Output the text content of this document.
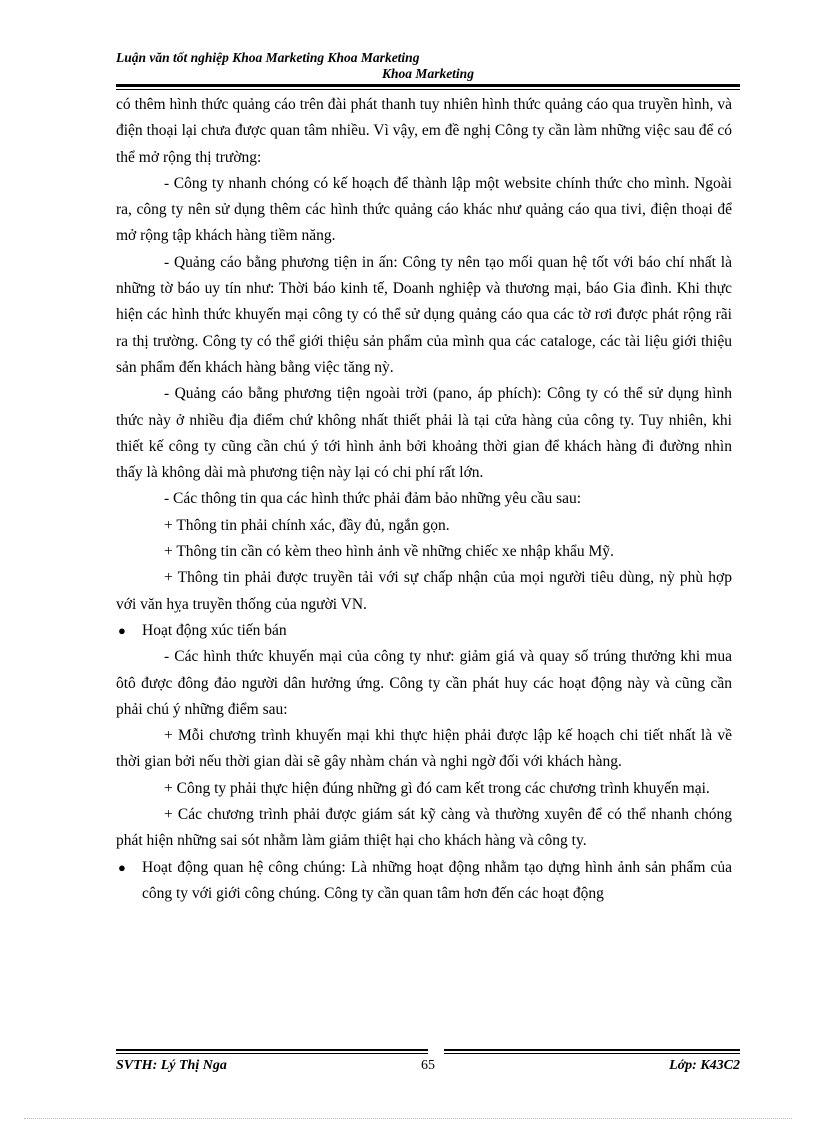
Luận văn tốt nghiệp Khoa Marketing Khoa Marketing
Khoa Marketing

có thêm hình thức quảng cáo trên đài phát thanh tuy nhiên hình thức quảng cáo qua truyền hình, và điện thoại lại chưa được quan tâm nhiều. Vì vậy, em đề nghị Công ty cần làm những việc sau để có thể mở rộng thị trường:

- Công ty nhanh chóng có kế hoạch để thành lập một website chính thức cho mình. Ngoài ra, công ty nên sử dụng thêm các hình thức quảng cáo khác như quảng cáo qua tivi, điện thoại để mở rộng tập khách hàng tiềm năng.

- Quảng cáo bằng phương tiện in ấn: Công ty nên tạo mối quan hệ tốt với báo chí nhất là những tờ báo uy tín như: Thời báo kinh tế, Doanh nghiệp và thương mại, báo Gia đình. Khi thực hiện các hình thức khuyến mại công ty có thể sử dụng quảng cáo qua các tờ rơi được phát rộng rãi ra thị trường. Công ty có thể giới thiệu sản phẩm của mình qua các cataloge, các tài liệu giới thiệu sản phẩm đến khách hàng bằng việc tăng nỳ.

- Quảng cáo bằng phương tiện ngoài trời (pano, áp phích): Công ty có thể sử dụng hình thức này ở nhiều địa điểm chứ không nhất thiết phải là tại cửa hàng của công ty. Tuy nhiên, khi thiết kế công ty cũng cần chú ý tới hình ảnh bởi khoảng thời gian để khách hàng đi đường nhìn thấy là không dài mà phương tiện này lại có chi phí rất lớn.

- Các thông tin qua các hình thức phải đảm bảo những yêu cầu sau:

+ Thông tin phải chính xác, đầy đủ, ngắn gọn.

+ Thông tin cần có kèm theo hình ảnh về những chiếc xe nhập khẩu Mỹ.

+ Thông tin phải được truyền tải với sự chấp nhận của mọi người tiêu dùng, nỳ phù hợp với văn hỵa truyền thống của người VN.

● Hoạt động xúc tiến bán

- Các hình thức khuyến mại của công ty như: giảm giá và quay số trúng thưởng khi mua ôtô được đông đảo người dân hưởng ứng. Công ty cần phát huy các hoạt động này và cũng cần phải chú ý những điểm sau:

+ Mỗi chương trình khuyến mại khi thực hiện phải được lập kế hoạch chi tiết nhất là về thời gian bởi nếu thời gian dài sẽ gây nhàm chán và nghi ngờ đối với khách hàng.

+ Công ty phải thực hiện đúng những gì đó cam kết trong các chương trình khuyến mại.

+ Các chương trình phải được giám sát kỹ càng và thường xuyên để có thể nhanh chóng phát hiện những sai sót nhằm làm giảm thiệt hại cho khách hàng và công ty.

● Hoạt động quan hệ công chúng: Là những hoạt động nhằm tạo dựng hình ảnh sản phẩm của công ty với giới công chúng. Công ty cần quan tâm hơn đến các hoạt động

SVTH: Lý Thị Nga	65	Lớp: K43C2
